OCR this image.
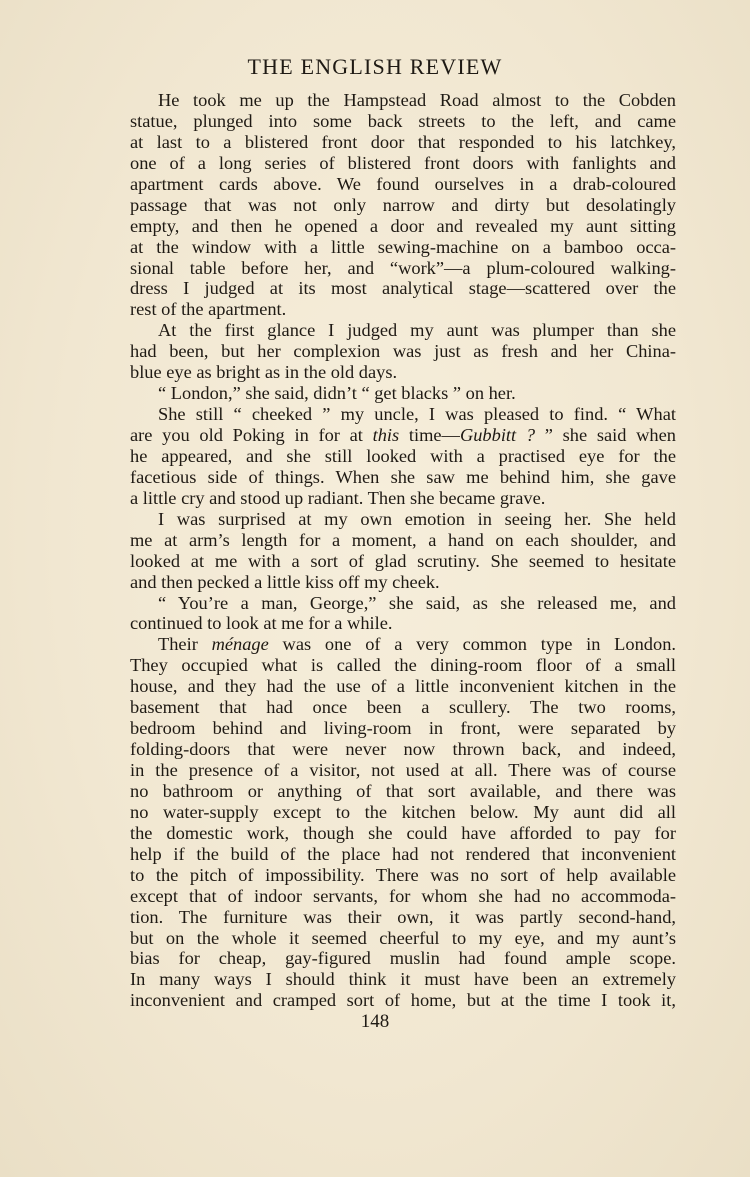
THE ENGLISH REVIEW
He took me up the Hampstead Road almost to the Cobden
statue, plunged into some back streets to the left, and came
at last to a blistered front door that responded to his latchkey,
one of a long series of blistered front doors with fanlights and
apartment cards above. We found ourselves in a drab-coloured
passage that was not only narrow and dirty but desolatingly
empty, and then he opened a door and revealed my aunt sitting
at the window with a little sewing-machine on a bamboo occa-
sional table before her, and “work”—a plum-coloured walking-
dress I judged at its most analytical stage—scattered over the
rest of the apartment.
At the first glance I judged my aunt was plumper than she
had been, but her complexion was just as fresh and her China-
blue eye as bright as in the old days.
“ London,” she said, didn’t “ get blacks ” on her.
She still “ cheeked ” my uncle, I was pleased to find. “ What
are you old Poking in for at this time—Gubbitt ? ” she said when
he appeared, and she still looked with a practised eye for the
facetious side of things. When she saw me behind him, she gave
a little cry and stood up radiant. Then she became grave.
I was surprised at my own emotion in seeing her. She held
me at arm’s length for a moment, a hand on each shoulder, and
looked at me with a sort of glad scrutiny. She seemed to hesitate
and then pecked a little kiss off my cheek.
“ You’re a man, George,” she said, as she released me, and
continued to look at me for a while.
Their ménage was one of a very common type in London.
They occupied what is called the dining-room floor of a small
house, and they had the use of a little inconvenient kitchen in the
basement that had once been a scullery. The two rooms,
bedroom behind and living-room in front, were separated by
folding-doors that were never now thrown back, and indeed,
in the presence of a visitor, not used at all. There was of course
no bathroom or anything of that sort available, and there was
no water-supply except to the kitchen below. My aunt did all
the domestic work, though she could have afforded to pay for
help if the build of the place had not rendered that inconvenient
to the pitch of impossibility. There was no sort of help available
except that of indoor servants, for whom she had no accommoda-
tion. The furniture was their own, it was partly second-hand,
but on the whole it seemed cheerful to my eye, and my aunt’s
bias for cheap, gay-figured muslin had found ample scope.
In many ways I should think it must have been an extremely
inconvenient and cramped sort of home, but at the time I took it,
148
